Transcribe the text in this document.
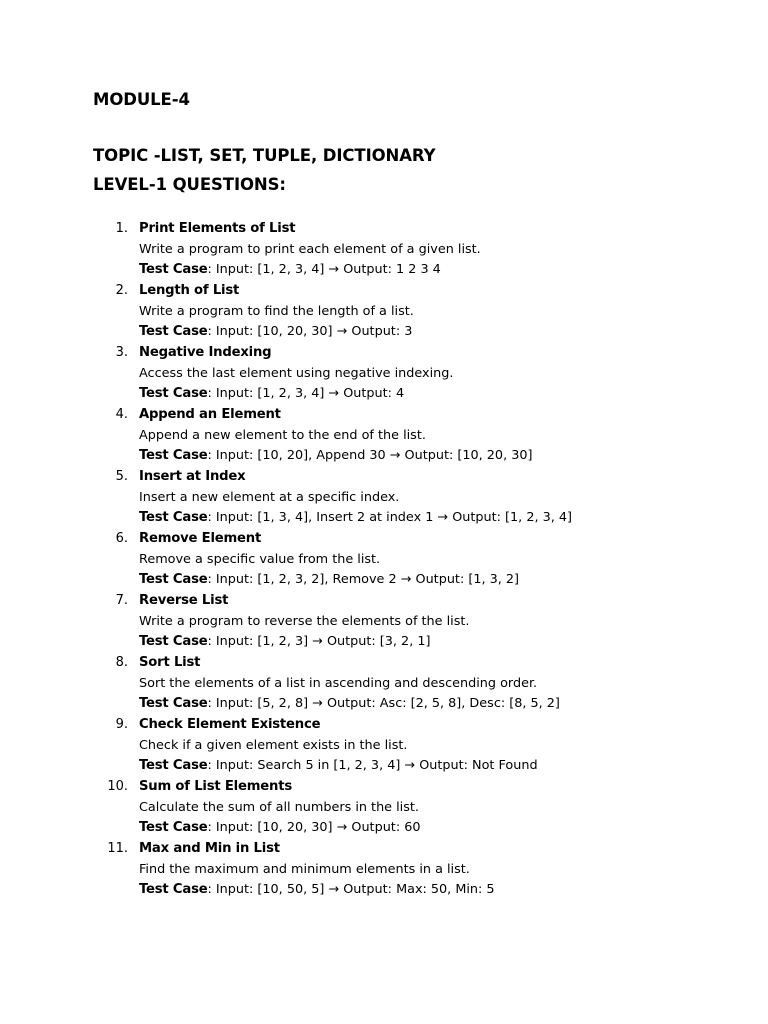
MODULE-4
TOPIC -LIST, SET, TUPLE, DICTIONARY
LEVEL-1 QUESTIONS:
1. Print Elements of List
Write a program to print each element of a given list.
Test Case: Input: [1, 2, 3, 4] → Output: 1 2 3 4
2. Length of List
Write a program to find the length of a list.
Test Case: Input: [10, 20, 30] → Output: 3
3. Negative Indexing
Access the last element using negative indexing.
Test Case: Input: [1, 2, 3, 4] → Output: 4
4. Append an Element
Append a new element to the end of the list.
Test Case: Input: [10, 20], Append 30 → Output: [10, 20, 30]
5. Insert at Index
Insert a new element at a specific index.
Test Case: Input: [1, 3, 4], Insert 2 at index 1 → Output: [1, 2, 3, 4]
6. Remove Element
Remove a specific value from the list.
Test Case: Input: [1, 2, 3, 2], Remove 2 → Output: [1, 3, 2]
7. Reverse List
Write a program to reverse the elements of the list.
Test Case: Input: [1, 2, 3] → Output: [3, 2, 1]
8. Sort List
Sort the elements of a list in ascending and descending order.
Test Case: Input: [5, 2, 8] → Output: Asc: [2, 5, 8], Desc: [8, 5, 2]
9. Check Element Existence
Check if a given element exists in the list.
Test Case: Input: Search 5 in [1, 2, 3, 4] → Output: Not Found
10. Sum of List Elements
Calculate the sum of all numbers in the list.
Test Case: Input: [10, 20, 30] → Output: 60
11. Max and Min in List
Find the maximum and minimum elements in a list.
Test Case: Input: [10, 50, 5] → Output: Max: 50, Min: 5
